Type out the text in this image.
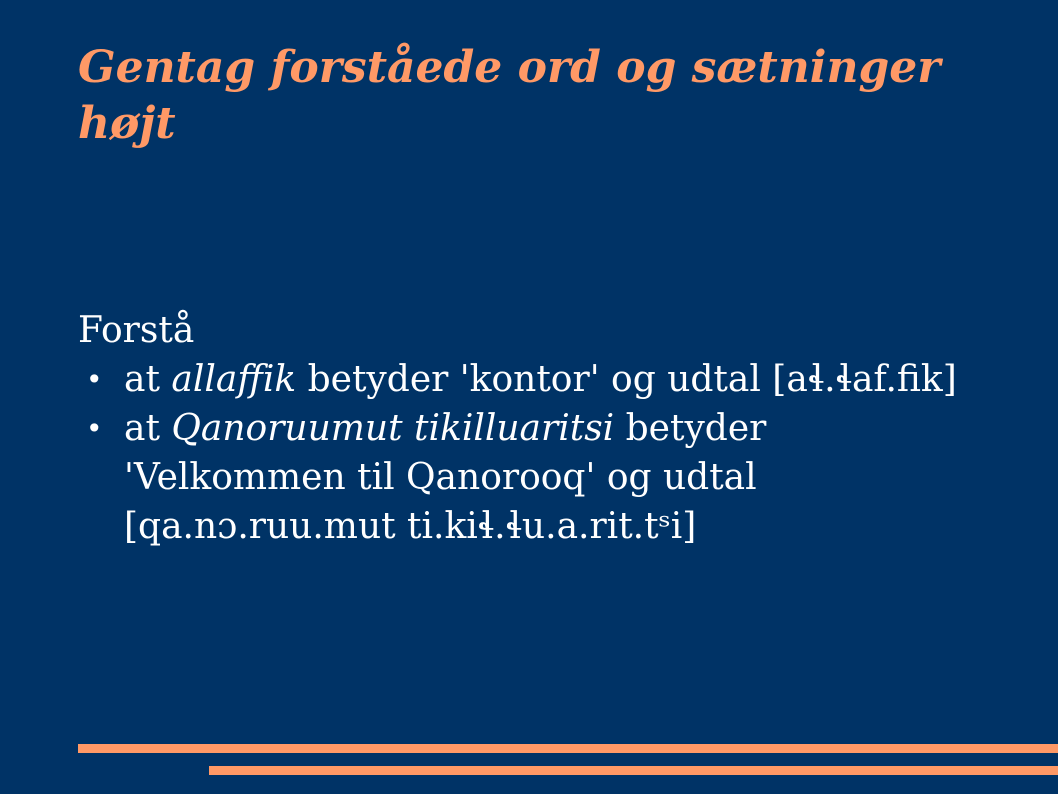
Gentag forståede ord og sætninger højt

Forstå

• at allaffik betyder 'kontor' og udtal [aɬ.ɬaf.fik]
• at Qanoruumut tikilluaritsi betyder 'Velkommen til Qanorooq' og udtal [qa.nɔ.ruu.mut ti.kiɬ.ɬu.a.rit.tˢi]
